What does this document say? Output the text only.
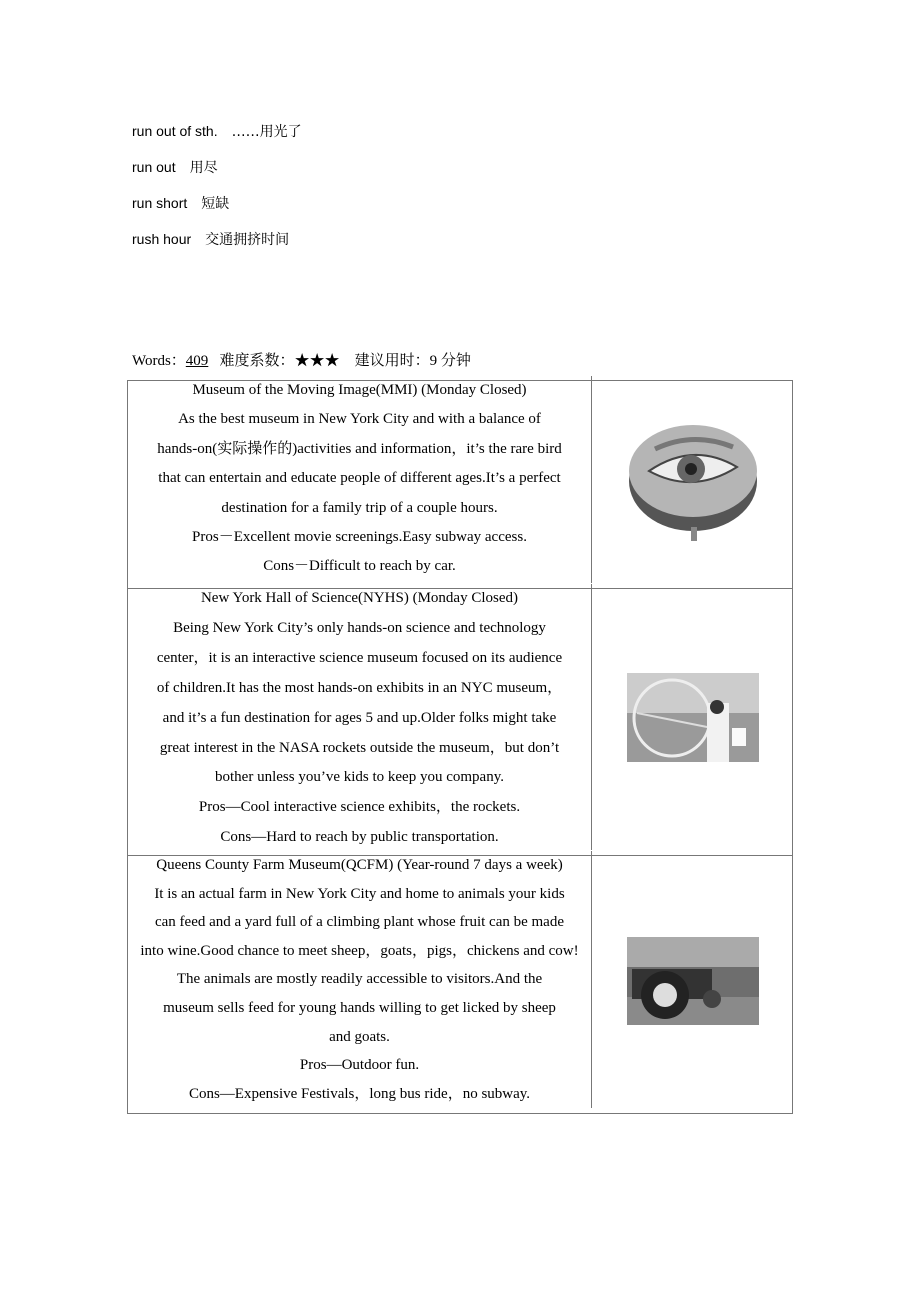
run out of sth. ……用光了
run out 用尽
run short 短缺
rush hour 交通拥挤时间
Words：409 难度系数：★★★ 建议用时：9 分钟
Museum of the Moving Image(MMI) (Monday Closed)
As the best museum in New York City and with a balance of
hands-on(实际操作的)activities and information，it’s the rare bird
that can entertain and educate people of different ages.It’s a perfect
destination for a family trip of a couple hours.
Pros－Excellent movie screenings.Easy subway access.
Cons－Difficult to reach by car.
New York Hall of Science(NYHS) (Monday Closed)
Being New York City’s only hands-on science and technology
center，it is an interactive science museum focused on its audience
of children.It has the most hands-on exhibits in an NYC museum，
and it’s a fun destination for ages 5 and up.Older folks might take
great interest in the NASA rockets outside the museum，but don’t
bother unless you’ve kids to keep you company.
Pros—Cool interactive science exhibits，the rockets.
Cons—Hard to reach by public transportation.
Queens County Farm Museum(QCFM) (Year-round 7 days a week)
It is an actual farm in New York City and home to animals your kids
can feed and a yard full of a climbing plant whose fruit can be made
into wine.Good chance to meet sheep，goats，pigs，chickens and cow!
The animals are mostly readily accessible to visitors.And the
museum sells feed for young hands willing to get licked by sheep
and goats.
Pros—Outdoor fun.
Cons—Expensive Festivals，long bus ride，no subway.
